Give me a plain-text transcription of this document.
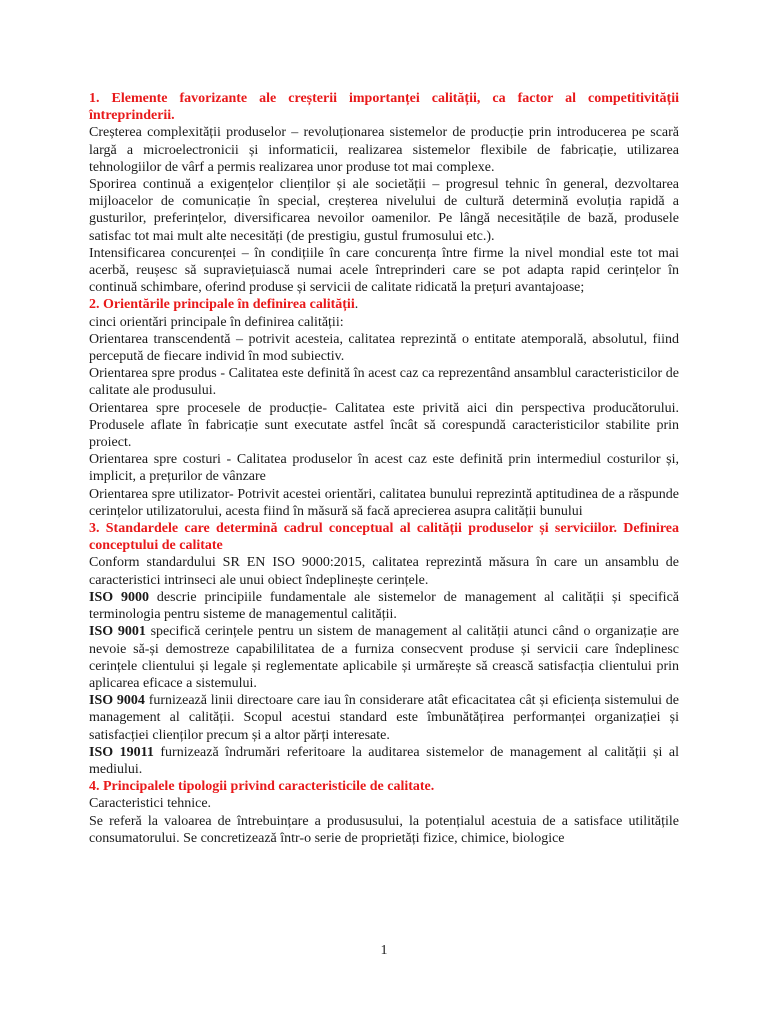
1. Elemente favorizante ale creșterii importanței calității, ca factor al competitivității întreprinderii.

Creșterea complexității produselor – revoluționarea sistemelor de producție prin introducerea pe scară largă a microelectronicii și informaticii, realizarea sistemelor flexibile de fabricație, utilizarea tehnologiilor de vârf a permis realizarea unor produse tot mai complexe.

Sporirea continuă a exigențelor clienților și ale societății – progresul tehnic în general, dezvoltarea mijloacelor de comunicație în special, creșterea nivelului de cultură determină evoluția rapidă a gusturilor, preferințelor, diversificarea nevoilor oamenilor. Pe lângă necesitățile de bază, produsele satisfac tot mai mult alte necesități (de prestigiu, gustul frumosului etc.).

Intensificarea concurenței – în condițiile în care concurența între firme la nivel mondial este tot mai acerbă, reușesc să supraviețuiască numai acele întreprinderi care se pot adapta rapid cerințelor în continuă schimbare, oferind produse și servicii de calitate ridicată la prețuri avantajoase;

2. Orientările principale în definirea calității.

cinci orientări principale în definirea calității:

Orientarea transcendentă – potrivit acesteia, calitatea reprezintă o entitate atemporală, absolutul, fiind percepută de fiecare individ în mod subiectiv.

Orientarea spre produs - Calitatea este definită în acest caz ca reprezentând ansamblul caracteristicilor de calitate ale produsului.

Orientarea spre procesele de producție- Calitatea este privită aici din perspectiva producătorului. Produsele aflate în fabricație sunt executate astfel încât să corespundă caracteristicilor stabilite prin proiect.

Orientarea spre costuri - Calitatea produselor în acest caz este definită prin intermediul costurilor și, implicit, a prețurilor de vânzare

Orientarea spre utilizator- Potrivit acestei orientări, calitatea bunului reprezintă aptitudinea de a răspunde cerințelor utilizatorului, acesta fiind în măsură să facă aprecierea asupra calității bunului

3. Standardele care determină cadrul conceptual al calității produselor și serviciilor. Definirea conceptului de calitate

Conform standardului SR EN ISO 9000:2015, calitatea reprezintă măsura în care un ansamblu de caracteristici intrinseci ale unui obiect îndeplinește cerințele.

ISO 9000 descrie principiile fundamentale ale sistemelor de management al calității și specifică terminologia pentru sisteme de managementul calității.

ISO 9001 specifică cerințele pentru un sistem de management al calității atunci când o organizație are nevoie să-și demostreze capabililitatea de a furniza consecvent produse și servicii care îndeplinesc cerințele clientului și legale și reglementate aplicabile și urmărește să crească satisfacția clientului prin aplicarea eficace a sistemului.

ISO 9004 furnizează linii directoare care iau în considerare atât eficacitatea cât și eficiența sistemului de management al calității. Scopul acestui standard este îmbunătățirea performanței organizației și satisfacției clienților precum și a altor părți interesate.

ISO 19011 furnizează îndrumări referitoare la auditarea sistemelor de management al calității și al mediului.

4. Principalele tipologii privind caracteristicile de calitate.

Caracteristici tehnice.

Se referă la valoarea de întrebuințare a prodususului, la potențialul acestuia de a satisface utilitățile consumatorului. Se concretizează într-o serie de proprietăți fizice, chimice, biologice

1
